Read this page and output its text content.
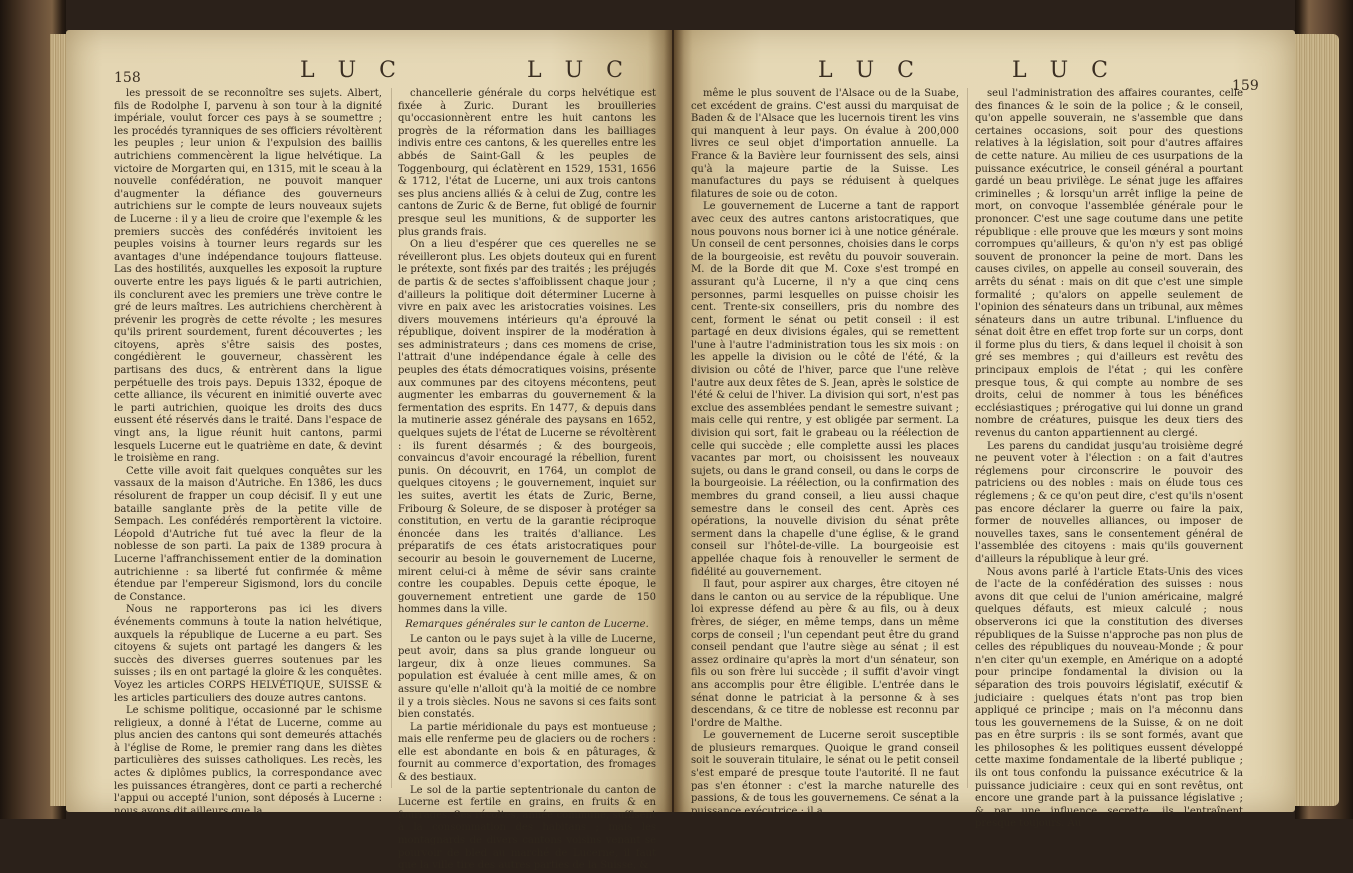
158	L U C	L U C

les pressoit de se reconnoître ses sujets. Albert, fils de Rodolphe I, parvenu à son tour à la dignité impériale, voulut forcer ces pays à se soumettre ; les procédés tyranniques de ses officiers révoltèrent les peuples ; leur union & l'expulsion des baillis autrichiens commencèrent la ligue helvétique. La victoire de Morgarten qui, en 1315, mit le sceau à la nouvelle confédération, ne pouvoit manquer d'augmenter la défiance des gouverneurs autrichiens sur le compte de leurs nouveaux sujets de Lucerne : il y a lieu de croire que l'exemple & les premiers succès des confédérés invitoient les peuples voisins à tourner leurs regards sur les avantages d'une indépendance toujours flatteuse. Las des hostilités, auxquelles les exposoit la rupture ouverte entre les pays ligués & le parti autrichien, ils conclurent avec les premiers une trève contre le gré de leurs maîtres. Les autrichiens cherchèrent à prévenir les progrès de cette révolte ; les mesures qu'ils prirent sourdement, furent découvertes ; les citoyens, après s'être saisis des postes, congédièrent le gouverneur, chassèrent les partisans des ducs, & entrèrent dans la ligue perpétuelle des trois pays. Depuis 1332, époque de cette alliance, ils vécurent en inimitié ouverte avec le parti autrichien, quoique les droits des ducs eussent été réservés dans le traité. Dans l'espace de vingt ans, la ligue réunit huit cantons, parmi lesquels Lucerne eut le quatrième en date, & devint le troisième en rang.

Cette ville avoit fait quelques conquêtes sur les vassaux de la maison d'Autriche. En 1386, les ducs résolurent de frapper un coup décisif. Il y eut une bataille sanglante près de la petite ville de Sempach. Les confédérés remportèrent la victoire. Léopold d'Autriche fut tué avec la fleur de la noblesse de son parti. La paix de 1389 procura à Lucerne l'affranchissement entier de la domination autrichienne : sa liberté fut confirmée & même étendue par l'empereur Sigismond, lors du concile de Constance.

Nous ne rapporterons pas ici les divers événements communs à toute la nation helvétique, auxquels la république de Lucerne a eu part. Ses citoyens & sujets ont partagé les dangers & les succès des diverses guerres soutenues par les suisses ; ils en ont partagé la gloire & les conquêtes. Voyez les articles CORPS HELVÉTIQUE, SUISSE & les articles particuliers des douze autres cantons.

Le schisme politique, occasionné par le schisme religieux, a donné à l'état de Lucerne, comme au plus ancien des cantons qui sont demeurés attachés à l'église de Rome, le premier rang dans les diètes particulières des suisses catholiques. Les recès, les actes & diplômes publics, la correspondance avec les puissances étrangères, dont ce parti a recherché l'appui ou accepté l'union, sont déposés à Lucerne : nous avons dit ailleurs que la

chancellerie générale du corps helvétique est fixée à Zuric. Durant les brouilleries qu'occasionnèrent entre les huit cantons les progrès de la réformation dans les bailliages indivis entre ces cantons, & les querelles entre les abbés de Saint-Gall & les peuples de Toggenbourg, qui éclatèrent en 1529, 1531, 1656 & 1712, l'état de Lucerne, uni aux trois cantons ses plus anciens alliés & à celui de Zug, contre les cantons de Zuric & de Berne, fut obligé de fournir presque seul les munitions, & de supporter les plus grands frais.

On a lieu d'espérer que ces querelles ne se réveilleront plus. Les objets douteux qui en furent le prétexte, sont fixés par des traités ; les préjugés de partis & de sectes s'affoiblissent chaque jour ; d'ailleurs la politique doit déterminer Lucerne à vivre en paix avec les aristocraties voisines. Les divers mouvemens intérieurs qu'a éprouvé la république, doivent inspirer de la modération à ses administrateurs ; dans ces momens de crise, l'attrait d'une indépendance égale à celle des peuples des états démocratiques voisins, présente aux communes par des citoyens mécontens, peut augmenter les embarras du gouvernement & la fermentation des esprits. En 1477, & depuis dans la mutinerie assez générale des paysans en 1652, quelques sujets de l'état de Lucerne se révoltèrent : ils furent désarmés ; & des bourgeois, convaincus d'avoir encouragé la rébellion, furent punis. On découvrit, en 1764, un complot de quelques citoyens ; le gouvernement, inquiet sur les suites, avertit les états de Zuric, Berne, Fribourg & Soleure, de se disposer à protéger sa constitution, en vertu de la garantie réciproque énoncée dans les traités d'alliance. Les préparatifs de ces états aristocratiques pour secourir au besoin le gouvernement de Lucerne, mirent celui-ci à même de sévir sans crainte contre les coupables. Depuis cette époque, le gouvernement entretient une garde de 150 hommes dans la ville.

Remarques générales sur le canton de Lucerne.

Le canton ou le pays sujet à la ville de Lucerne, peut avoir, dans sa plus grande longueur ou largeur, dix à onze lieues communes. Sa population est évaluée à cent mille ames, & on assure qu'elle n'alloit qu'à la moitié de ce nombre il y a trois siècles. Nous ne savons si ces faits sont bien constatés.

La partie méridionale du pays est montueuse ; mais elle renferme peu de glaciers ou de rochers : elle est abondante en bois & en pâturages, & fournit au commerce d'exportation, des fromages & des bestiaux.

Le sol de la partie septentrionale du canton de Lucerne est fertile en grains, en fruits & en fourrages. Ses récoltes, année commune, suffisent à la consommation des habitans ; mais les montagnards de divers cantons voisins venant se pourvoir de bled au marché de Lucerne, il faut que la ville tire des autres parties de la Suisse, &

L U C	L U C
159

même le plus souvent de l'Alsace ou de la Suabe, cet excédent de grains. C'est aussi du marquisat de Baden & de l'Alsace que les lucernois tirent les vins qui manquent à leur pays. On évalue à 200,000 livres ce seul objet d'importation annuelle. La France & la Bavière leur fournissent des sels, ainsi qu'à la majeure partie de la Suisse. Les manufactures du pays se réduisent à quelques filatures de soie ou de coton.

Le gouvernement de Lucerne a tant de rapport avec ceux des autres cantons aristocratiques, que nous pouvons nous borner ici à une notice générale. Un conseil de cent personnes, choisies dans le corps de la bourgeoisie, est revêtu du pouvoir souverain. M. de la Borde dit que M. Coxe s'est trompé en assurant qu'à Lucerne, il n'y a que cinq cens personnes, parmi lesquelles on puisse choisir les cent. Trente-six conseillers, pris du nombre des cent, forment le sénat ou petit conseil : il est partagé en deux divisions égales, qui se remettent l'une à l'autre l'administration tous les six mois : on les appelle la division ou le côté de l'été, & la division ou côté de l'hiver, parce que l'une relève l'autre aux deux fêtes de S. Jean, après le solstice de l'été & celui de l'hiver. La division qui sort, n'est pas exclue des assemblées pendant le semestre suivant ; mais celle qui rentre, y est obligée par serment. La division qui sort, fait le grabeau ou la réélection de celle qui succède ; elle complette aussi les places vacantes par mort, ou choisissent les nouveaux sujets, ou dans le grand conseil, ou dans le corps de la bourgeoisie. La réélection, ou la confirmation des membres du grand conseil, a lieu aussi chaque semestre dans le conseil des cent. Après ces opérations, la nouvelle division du sénat prête serment dans la chapelle d'une église, & le grand conseil sur l'hôtel-de-ville. La bourgeoisie est appellée chaque fois à renouveller le serment de fidélité au gouvernement.

Il faut, pour aspirer aux charges, être citoyen né dans le canton ou au service de la république. Une loi expresse défend au père & au fils, ou à deux frères, de siéger, en même temps, dans un même corps de conseil ; l'un cependant peut être du grand conseil pendant que l'autre siège au sénat ; il est assez ordinaire qu'après la mort d'un sénateur, son fils ou son frère lui succède ; il suffit d'avoir vingt ans accomplis pour être éligible. L'entrée dans le sénat donne le patriciat à la personne & à ses descendans, & ce titre de noblesse est reconnu par l'ordre de Malthe.

Le gouvernement de Lucerne seroit susceptible de plusieurs remarques. Quoique le grand conseil soit le souverain titulaire, le sénat ou le petit conseil s'est emparé de presque toute l'autorité. Il ne faut pas s'en étonner : c'est la marche naturelle des passions, & de tous les gouvernemens. Ce sénat a la puissance exécutrice ; il a

seul l'administration des affaires courantes, celle des finances & le soin de la police ; & le conseil, qu'on appelle souverain, ne s'assemble que dans certaines occasions, soit pour des questions relatives à la législation, soit pour d'autres affaires de cette nature. Au milieu de ces usurpations de la puissance exécutrice, le conseil général a pourtant gardé un beau privilège. Le sénat juge les affaires criminelles ; & lorsqu'un arrêt inflige la peine de mort, on convoque l'assemblée générale pour le prononcer. C'est une sage coutume dans une petite république : elle prouve que les mœurs y sont moins corrompues qu'ailleurs, & qu'on n'y est pas obligé souvent de prononcer la peine de mort. Dans les causes civiles, on appelle au conseil souverain, des arrêts du sénat : mais on dit que c'est une simple formalité ; qu'alors on appelle seulement de l'opinion des sénateurs dans un tribunal, aux mêmes sénateurs dans un autre tribunal. L'influence du sénat doit être en effet trop forte sur un corps, dont il forme plus du tiers, & dans lequel il choisit à son gré ses membres ; qui d'ailleurs est revêtu des principaux emplois de l'état ; qui les confère presque tous, & qui compte au nombre de ses droits, celui de nommer à tous les bénéfices ecclésiastiques ; prérogative qui lui donne un grand nombre de créatures, puisque les deux tiers des revenus du canton appartiennent au clergé.

Les parens du candidat jusqu'au troisième degré ne peuvent voter à l'élection : on a fait d'autres réglemens pour circonscrire le pouvoir des patriciens ou des nobles : mais on élude tous ces réglemens ; & ce qu'on peut dire, c'est qu'ils n'osent pas encore déclarer la guerre ou faire la paix, former de nouvelles alliances, ou imposer de nouvelles taxes, sans le consentement général de l'assemblée des citoyens : mais qu'ils gouvernent d'ailleurs la république à leur gré.

Nous avons parlé à l'article Etats-Unis des vices de l'acte de la confédération des suisses : nous avons dit que celui de l'union américaine, malgré quelques défauts, est mieux calculé ; nous observerons ici que la constitution des diverses républiques de la Suisse n'approche pas non plus de celles des républiques du nouveau-Monde ; & pour n'en citer qu'un exemple, en Amérique on a adopté pour principe fondamental la division ou la séparation des trois pouvoirs législatif, exécutif & judiciaire : quelques états n'ont pas trop bien appliqué ce principe ; mais on l'a méconnu dans tous les gouvernemens de la Suisse, & on ne doit pas en être surpris : ils se sont formés, avant que les philosophes & les politiques eussent développé cette maxime fondamentale de la liberté publique ; ils ont tous confondu la puissance exécutrice & la puissance judiciaire : ceux qui en sont revêtus, ont encore une grande part à la puissance législative ; & par une influence secrette, ils l'entraînent presque toujours. Au
